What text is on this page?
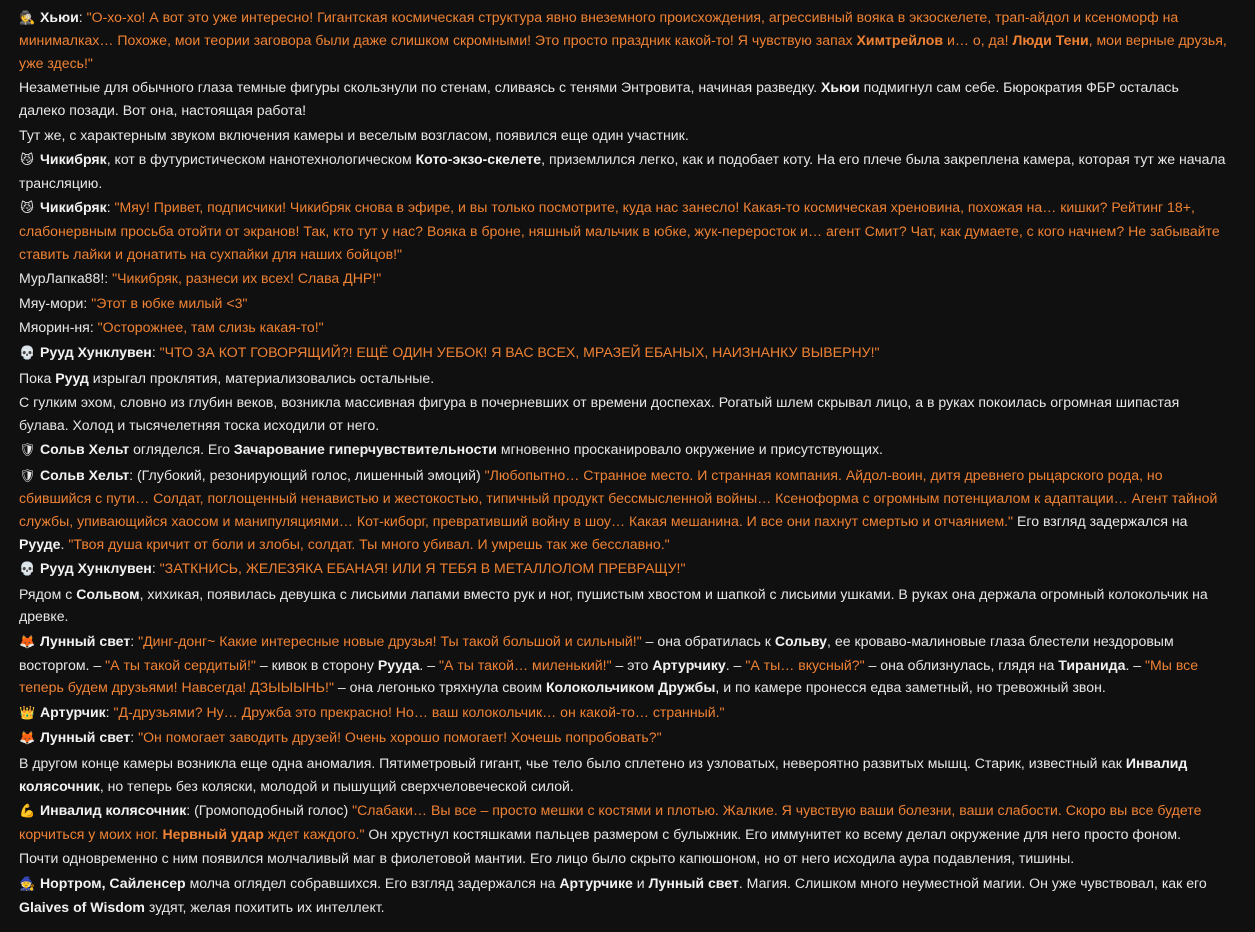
🕵 Хьюи: "О-хо-хо! А вот это уже интересно! Гигантская космическая структура явно внеземного происхождения, агрессивный вояка в экзоскелете, трап-айдол и ксеноморф на минималках… Похоже, мои теории заговора были даже слишком скромными! Это просто праздник какой-то! Я чувствую запах Химтрейлов и… о, да! Люди Тени, мои верные друзья, уже здесь!"
Незаметные для обычного глаза темные фигуры скользнули по стенам, сливаясь с тенями Энтровита, начиная разведку. Хьюи подмигнул сам себе. Бюрократия ФБР осталась далеко позади. Вот она, настоящая работа!
Тут же, с характерным звуком включения камеры и веселым возгласом, появился еще один участник.
😼 Чикибряк, кот в футуристическом нанотехнологическом Кото-экзо-скелете, приземлился легко, как и подобает коту. На его плече была закреплена камера, которая тут же начала трансляцию.
😼 Чикибряк: "Мяу! Привет, подписчики! Чикибряк снова в эфире, и вы только посмотрите, куда нас занесло! Какая-то космическая хреновина, похожая на… кишки? Рейтинг 18+, слабонервным просьба отойти от экранов! Так, кто тут у нас? Вояка в броне, няшный мальчик в юбке, жук-переросток и… агент Смит? Чат, как думаете, с кого начнем? Не забывайте ставить лайки и донатить на сухпайки для наших бойцов!"
МурЛапка88!: "Чикибряк, разнеси их всех! Слава ДНР!"
Мяу-мори: "Этот в юбке милый <3"
Мяорин-ня: "Осторожнее, там слизь какая-то!"
💀 Рууд Хунклувен: "ЧТО ЗА КОТ ГОВОРЯЩИЙ?! ЕЩЁ ОДИН УЕБОК! Я ВАС ВСЕХ, МРАЗЕЙ ЕБАНЫХ, НАИЗНАНКУ ВЫВЕРНУ!"
Пока Рууд изрыгал проклятия, материализовались остальные.
С гулким эхом, словно из глубин веков, возникла массивная фигура в почерневших от времени доспехах. Рогатый шлем скрывал лицо, а в руках покоилась огромная шипастая булава. Холод и тысячелетняя тоска исходили от него.
🛡 Сольв Хельт огляделся. Его Зачарование гиперчувствительности мгновенно просканировало окружение и присутствующих.
🛡 Сольв Хельт: (Глубокий, резонирующий голос, лишенный эмоций) "Любопытно… Странное место. И странная компания. Айдол-воин, дитя древнего рыцарского рода, но сбившийся с пути… Солдат, поглощенный ненавистью и жестокостью, типичный продукт бессмысленной войны… Ксеноформа с огромным потенциалом к адаптации… Агент тайной службы, упивающийся хаосом и манипуляциями… Кот-киборг, превративший войну в шоу… Какая мешанина. И все они пахнут смертью и отчаянием." Его взгляд задержался на Рууде. "Твоя душа кричит от боли и злобы, солдат. Ты много убивал. И умрешь так же бесславно."
💀 Рууд Хунклувен: "ЗАТКНИСЬ, ЖЕЛЕЗЯКА ЕБАНАЯ! ИЛИ Я ТЕБЯ В МЕТАЛЛОЛОМ ПРЕВРАЩУ!"
Рядом с Сольвом, хихикая, появилась девушка с лисьими лапами вместо рук и ног, пушистым хвостом и шапкой с лисьими ушками. В руках она держала огромный колокольчик на древке.
🦊 Лунный свет: "Динг-донг~ Какие интересные новые друзья! Ты такой большой и сильный!" – она обратилась к Сольву, ее кроваво-малиновые глаза блестели нездоровым восторгом. – "А ты такой сердитый!" – кивок в сторону Рууда. – "А ты такой… миленький!" – это Артурчику. – "А ты… вкусный?" – она облизнулась, глядя на Тиранида. – "Мы все теперь будем друзьями! Навсегда! ДЗЫЫЫНЬ!" – она легонько тряхнула своим Колокольчиком Дружбы, и по камере пронесся едва заметный, но тревожный звон.
👑 Артурчик: "Д-друзьями? Ну… Дружба это прекрасно! Но… ваш колокольчик… он какой-то… странный."
🦊 Лунный свет: "Он помогает заводить друзей! Очень хорошо помогает! Хочешь попробовать?"
В другом конце камеры возникла еще одна аномалия. Пятиметровый гигант, чье тело было сплетено из узловатых, невероятно развитых мышц. Старик, известный как Инвалид колясочник, но теперь без коляски, молодой и пышущий сверхчеловеческой силой.
💪 Инвалид колясочник: (Громоподобный голос) "Слабаки… Вы все – просто мешки с костями и плотью. Жалкие. Я чувствую ваши болезни, ваши слабости. Скоро вы все будете корчиться у моих ног. Нервный удар ждет каждого." Он хрустнул костяшками пальцев размером с булыжник. Его иммунитет ко всему делал окружение для него просто фоном.
Почти одновременно с ним появился молчаливый маг в фиолетовой мантии. Его лицо было скрыто капюшоном, но от него исходила аура подавления, тишины.
🧙 Нортром, Сайленсер молча оглядел собравшихся. Его взгляд задержался на Артурчике и Лунный свет. Магия. Слишком много неуместной магии. Он уже чувствовал, как его Glaives of Wisdom зудят, желая похитить их интеллект.
